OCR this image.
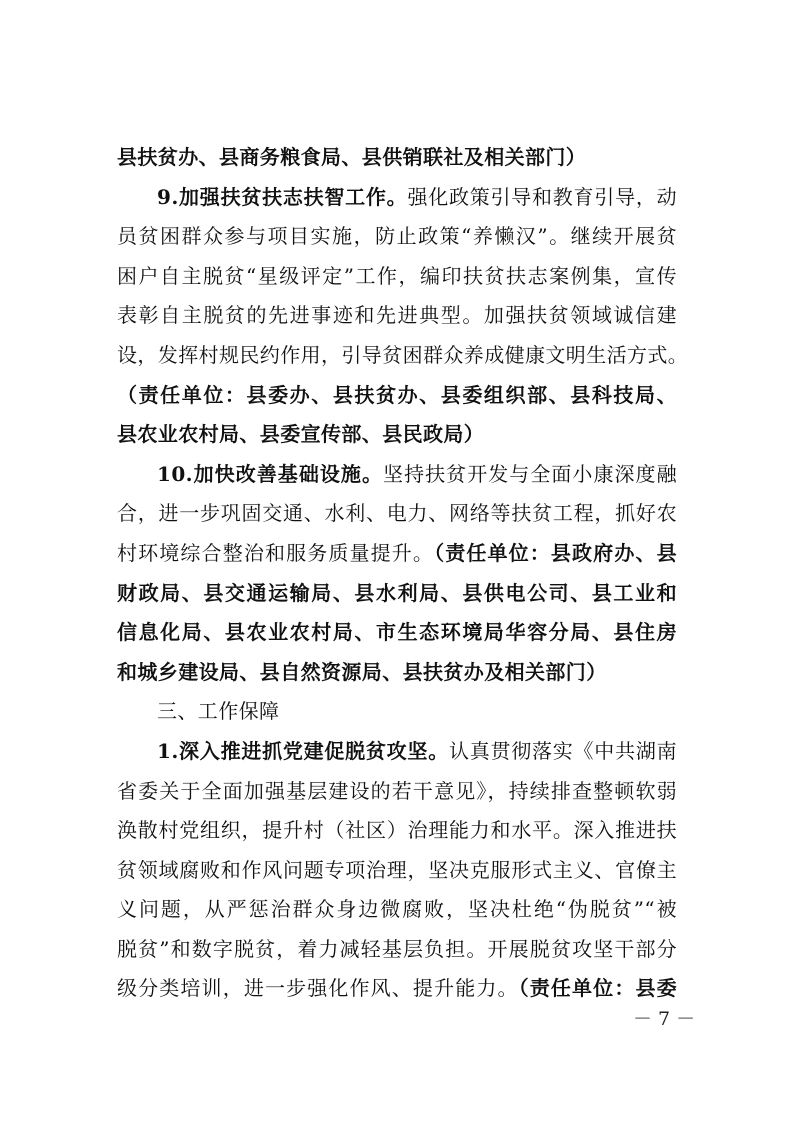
县扶贫办、县商务粮食局、县供销联社及相关部门）
9.加强扶贫扶志扶智工作。强化政策引导和教育引导，动
员贫困群众参与项目实施，防止政策“养懒汉”。继续开展贫
困户自主脱贫“星级评定”工作，编印扶贫扶志案例集，宣传
表彰自主脱贫的先进事迹和先进典型。加强扶贫领域诚信建
设，发挥村规民约作用，引导贫困群众养成健康文明生活方式。
（责任单位：县委办、县扶贫办、县委组织部、县科技局、
县农业农村局、县委宣传部、县民政局）
10.加快改善基础设施。坚持扶贫开发与全面小康深度融
合，进一步巩固交通、水利、电力、网络等扶贫工程，抓好农
村环境综合整治和服务质量提升。（责任单位：县政府办、县
财政局、县交通运输局、县水利局、县供电公司、县工业和
信息化局、县农业农村局、市生态环境局华容分局、县住房
和城乡建设局、县自然资源局、县扶贫办及相关部门）
三、工作保障
1.深入推进抓党建促脱贫攻坚。认真贯彻落实《中共湖南
省委关于全面加强基层建设的若干意见》，持续排查整顿软弱
涣散村党组织，提升村（社区）治理能力和水平。深入推进扶
贫领域腐败和作风问题专项治理，坚决克服形式主义、官僚主
义问题，从严惩治群众身边微腐败，坚决杜绝“伪脱贫”“被
脱贫”和数字脱贫，着力减轻基层负担。开展脱贫攻坚干部分
级分类培训，进一步强化作风、提升能力。（责任单位：县委
－ 7 －
